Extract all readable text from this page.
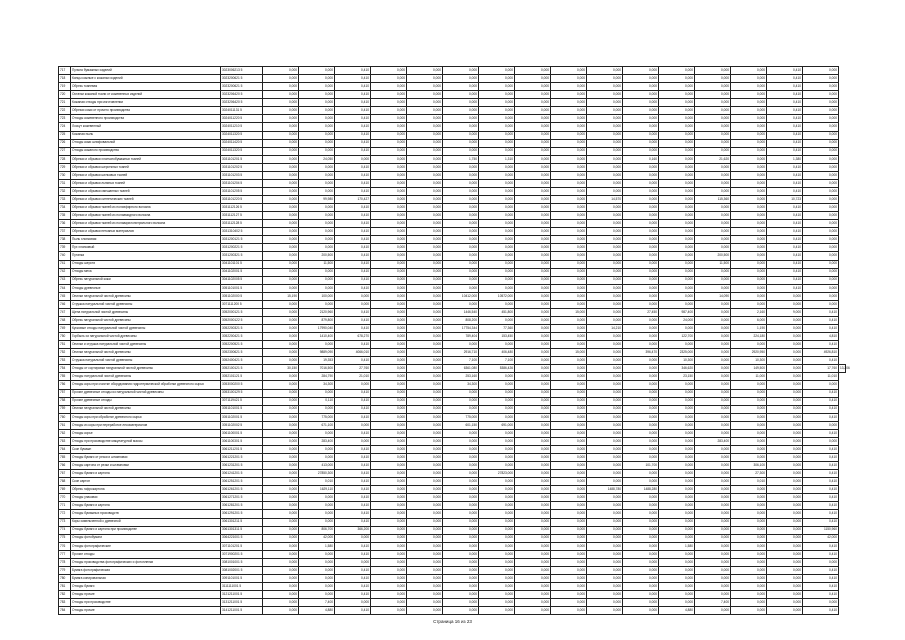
717	Пульпа бумажных изделий	3023006213 5	0,000	0,000	0,410	0,000	0,000	0,000	0,000	0,000	0,000	0,000	0,000	0,000	0,000	0,000	0,410	0,000	
718	Концы кожные с кожаных изделий	3023200621 5	0,000	0,000	0,410	0,000	0,000	0,000	0,000	0,000	0,000	0,000	0,000	0,000	0,000	0,000	0,410	0,000	
719	Обрезь тканевая	3023200621 5	0,000	0,000	0,410	0,000	0,000	0,000	0,000	0,000	0,000	0,000	0,000	0,000	0,000	0,000	0,410	0,000	
720	Остатки кожаной ткани от кожевенных изделий	3023206420 5	0,000	0,000	0,410	0,000	0,000	0,000	0,000	0,000	0,000	0,000	0,000	0,000	0,000	0,000	0,410	0,000	
721	Кожаная отходы при изготовлении	3023206420 5	0,000	0,000	0,410	0,000	0,000	0,000	0,000	0,000	0,000	0,000	0,000	0,000	0,000	0,000	0,410	0,000	
722	Обрезки кожи от прочего производства	3024011131 5	0,000	0,000	0,410	0,000	0,000	0,000	0,000	0,000	0,000	0,000	0,000	0,000	0,000	0,000	0,410	0,000	
723	Отходы кожевенного производства	3024011220 5	0,000	0,000	0,410	0,000	0,000	0,000	0,000	0,000	0,000	0,000	0,000	0,000	0,000	0,000	0,410	0,000	
724	Лоскут кожевенный	3024011210 5	0,000	0,000	0,410	0,000	0,000	0,000	0,000	0,000	0,000	0,000	0,000	0,000	0,000	0,000	0,410	0,000	
725	Кожаная пыль	3024011320 5	0,000	0,000	0,410	0,000	0,000	0,000	0,000	0,000	0,000	0,000	0,000	0,000	0,000	0,000	0,410	0,000	
726	Отходы кожи шлифовальной	3024011420 5	0,000	0,000	0,410	0,000	0,000	0,000	0,000	0,000	0,000	0,000	0,000	0,000	0,000	0,000	0,410	0,000	
727	Отходы кожаного производства	3024011320 5	0,000	0,000	0,410	0,000	0,000	0,000	0,000	0,000	0,000	0,000	0,000	0,000	0,000	0,000	0,410	0,000	
728	Обрезки и обрывки хлопчатобумажных тканей	3031101201 5	0,000	24,050	0,000	0,000	0,000	1,750	1,310	0,000	0,000	0,000	0,160	0,000	21,620	0,000	1,380	0,000	
729	Обрезки и обрывки шерстяных тканей	3031101202 5	0,000	0,000	0,410	0,000	0,000	0,000	0,000	0,000	0,000	0,000	0,000	0,000	0,000	0,000	0,410	0,000	
730	Обрезки и обрывки шелковых тканей	3031101203 5	0,000	0,000	0,410	0,000	0,000	0,000	0,000	0,000	0,000	0,000	0,000	0,000	0,000	0,000	0,410	0,000	
731	Обрезки и обрывки льняных тканей	3031101204 5	0,000	0,000	0,410	0,000	0,000	0,000	0,000	0,000	0,000	0,000	0,000	0,000	0,000	0,000	0,410	0,000	
732	Обрезки и обрывки смешанных тканей	3031101205 5	0,000	0,000	0,410	0,000	0,000	0,000	0,000	0,000	0,000	0,000	0,000	0,000	0,000	0,000	0,410	0,000	
733	Обрезки и обрывки синтетических тканей	3031101220 5	0,000	99,980	170,427	0,000	0,000	0,000	0,000	0,000	0,000	14,570	0,000	0,000	115,360	0,000	10,723	0,000	
734	Обрезки и обрывки тканей из полиэфирного волокна	3031112126 5	0,000	0,000	0,410	0,000	0,000	0,000	0,000	0,000	0,000	0,000	0,000	0,000	0,000	0,000	0,410	0,000	
735	Обрезки и обрывки тканей из полиамидного волокна	3031112127 5	0,000	0,000	0,410	0,000	0,000	0,000	0,000	0,000	0,000	0,000	0,000	0,000	0,000	0,000	0,410	0,000	
736	Обрезки и обрывки тканей из полиакрилонитрильного волокна	3031112128 5	0,000	0,000	0,410	0,000	0,000	0,000	0,000	0,000	0,000	0,000	0,000	0,000	0,000	0,000	0,410	0,000	
737	Обрезки и обрывки нетканых материалов	3031310402 5	0,000	0,000	0,410	0,000	0,000	0,000	0,000	0,000	0,000	0,000	0,000	0,000	0,000	0,000	0,410	0,000	
738	Пыль хлопковая	3031200121 5	0,000	0,000	0,410	0,000	0,000	0,000	0,000	0,000	0,000	0,000	0,000	0,000	0,000	0,000	0,410	0,000	
739	Пух хлопковый	3031200221 5	0,000	0,000	0,410	0,000	0,000	0,000	0,000	0,000	0,000	0,000	0,000	0,000	0,000	0,000	0,410	0,000	
740	Путанка	3031200321 5	0,000	200,500	0,410	0,000	0,000	0,000	0,000	0,000	0,000	0,000	0,000	0,000	200,500	0,000	0,410	0,000	
741	Отходы шерсти	3041101101 5	0,000	11,500	0,410	0,000	0,000	0,000	0,000	0,000	0,000	0,000	0,000	0,000	11,500	0,000	0,410	0,000	
742	Отходы меха	3041102001 5	0,000	0,000	0,410	0,000	0,000	0,000	0,000	0,000	0,000	0,000	0,000	0,000	0,000	0,000	0,410	0,000	
743	Обрезь натуральной кожи	3041102005 5	0,000	0,000	0,410	0,000	0,000	0,000	0,000	0,000	0,000	0,000	0,000	0,000	0,000	0,000	0,410	0,000	
744	Отходы древесные	3051101001 5	0,000	0,000	0,410	0,000	0,000	0,000	0,000	0,000	0,000	0,000	0,000	0,000	0,000	0,000	0,410	0,000	
745	Опилки натуральной чистой древесины	3051102000 5	15,190	100,000	0,000	0,000	0,000	10412,000	10572,000	0,000	0,000	0,000	0,000	0,000	14,090	0,000	0,000	0,000	
746	Стружка натуральной чистой древесины	3071111200 5	0,000	0,000	0,000	0,000	0,000	0,000	0,000	0,000	0,000	0,000	0,000	0,000	0,000	0,000	0,000	0,000	
747	Щепа натуральной чистой древесины	3052000121 5	0,000	2120,960	0,410	0,000	0,000	1446,540	451,800	0,000	15,000	0,000	27,450	987,400	0,000	2,160	9,000	0,410	
748	Обрезь натуральной чистой древесины	3052000122 5	0,000	879,800	0,410	0,000	0,000	808,200	0,000	0,000	0,000	0,000	0,000	24,000	0,000	6,000	0,000	0,410	
749	Кусковые отходы натуральной чистой древесины	3052200321 5	0,000	17990,040	0,410	0,000	0,000	17754,344	77,360	0,000	0,000	14,210	0,000	0,000	0,000	1,190	0,000	0,410	
750	Горбыль из натуральной чистой древесины	3052200421 5	0,000	1410,400	678,270	0,000	0,000	789,404	153,450	0,000	0,000	0,000	0,000	122,700	0,000	224,180	0,000	4,810	
751	Опилки и стружка натуральной чистой древесины	3052200521 5	0,000	0,000	0,410	0,000	0,000	0,000	0,000	0,000	0,000	0,000	0,000	0,000	0,000	0,000	0,000	0,410	
752	Опилки натуральной чистой древесины	3052300621 5	0,000	9889,090	4066,010	0,000	0,000	2916,710	406,480	0,000	15,000	0,000	396,470	2325,000	0,000	2920,950	0,000	4926,810	
753	Стружка натуральной чистой древесины	3052400421 5	0,000	19,353	0,410	0,000	0,000	7,100	7,100	0,000	0,000	0,000	0,000	10,300	0,000	10,300	0,000	0,410	
754	Отходы от сортировки натуральной чистой древесины	3052100121 5	30,150	7016,500	27,760	0,000	0,000	6361,080	5386,426	0,000	0,000	0,000	0,000	346,620	0,000	149,500	0,000	17,760	13,206
755	Отходы натуральной чистой древесины	3052101121 5	0,000	284,790	21,010	0,000	0,000	253,160	0,000	0,000	0,000	0,000	0,000	23,150	0,000	11,000	0,000	11,010	
756	Отходы коры при очистке оборудования гидротермической обработки древесного сырья	3053000200 5	0,000	34,300	0,000	0,000	0,000	34,300	0,000	0,000	0,000	0,000	0,000	0,000	0,000	0,000	0,000	0,000	
757	Прочие древесные отходы из натуральной чистой древесины	3053100129 5	0,000	0,000	0,410	0,000	0,000	0,000	0,000	0,000	0,000	0,000	0,000	0,000	0,000	0,000	0,000	0,410	
758	Прочие древесные отходы	3071119421 5	0,000	0,110	0,410	0,000	0,000	0,000	0,000	0,000	0,000	0,000	0,000	0,000	0,000	0,000	0,000	0,410	
759	Опилки натуральной чистой древесины	3051101001 5	0,000	0,000	0,410	0,000	0,000	0,000	0,000	0,000	0,000	0,000	0,000	0,000	0,000	0,000	0,000	0,410	
760	Отходы коры при обработке древесного сырья	3051102001 5	0,000	775,000	0,410	0,000	0,000	775,000	0,000	0,000	0,000	0,000	0,000	0,000	0,000	0,000	0,000	0,410	
761	Отходы из коры при переработке лесоматериалов	3051102002 5	0,000	671,100	0,000	0,000	0,000	601,150	691,000	0,000	0,000	0,000	0,000	0,000	0,000	0,000	0,000	0,000	
762	Отходы корье	3061100001 5	0,000	0,000	0,410	0,000	0,000	0,000	0,000	0,000	0,000	0,000	0,000	0,000	0,000	0,000	0,000	0,410	
763	Отходы при производстве макулатурной массы	3061100301 5	0,000	283,400	0,000	0,000	0,000	0,000	0,000	0,000	0,000	0,000	0,000	0,000	283,400	0,000	0,000	0,000	
764	Скоп бумажн	3061211201 5	0,000	0,000	0,410	0,000	0,000	0,000	0,000	0,000	0,000	0,000	0,000	0,000	0,000	0,000	0,000	0,410	
765	Отходы бумаги от резки и штамповки	3061221201 5	0,000	0,000	0,410	0,000	0,000	0,000	0,000	0,000	0,000	0,000	0,000	0,000	0,000	0,000	0,000	0,410	
766	Отходы картона от резки и штамповки	3061231201 5	0,000	413,000	0,410	0,000	0,000	0,000	0,000	0,000	0,000	0,000	101,700	0,000	0,000	306,100	0,000	0,410	
767	Отходы бумаги и картона	3061241201 5	0,000	27850,300	0,410	0,000	0,000	0,000	27823,000	0,000	0,000	0,000	0,000	0,000	0,000	27,300	0,000	0,410	
768	Скоп картон	3061251201 5	0,000	0,010	0,410	0,000	0,000	0,000	0,000	0,000	0,000	0,000	0,000	0,000	0,000	0,010	0,000	0,410	
769	Обрезь гофрокартона	3061261201 5	0,000	1629,110	0,410	0,000	0,000	0,000	0,000	0,000	0,000	1488,780	1488,280	0,000	0,000	0,000	0,000	0,410	
770	Отходы упаковки	3061271201 5	0,000	0,000	0,410	0,000	0,000	0,000	0,000	0,000	0,000	0,000	0,000	0,000	0,000	0,000	0,000	0,410	
771	Отходы бумаги и картона	3061281201 5	0,000	0,000	0,410	0,000	0,000	0,000	0,000	0,000	0,000	0,000	0,000	0,000	0,000	0,000	0,000	0,410	
772	Отходы бумажных производств	3061291201 5	0,000	0,000	0,410	0,000	0,000	0,000	0,000	0,000	0,000	0,000	0,000	0,000	0,000	0,000	0,000	0,410	
773	Коры измельченной с древесной	3061301211 5	0,000	0,000	0,410	0,000	0,000	0,000	0,000	0,000	0,000	0,000	0,000	0,000	0,000	0,000	0,000	0,410	
774	Отходы бумаги и картона при производстве	3061301311 5	0,000	806,700	366,200	0,000	0,000	0,000	0,000	0,000	0,000	0,000	0,000	0,000	0,000	0,000	0,000	1150,960	
775	Отходы фотобумаги	3064221001 5	0,000	42,000	0,000	0,000	0,000	0,000	0,000	0,000	0,000	0,000	0,000	0,000	0,000	0,000	0,000	42,000	
776	Отходы фотографические	3071101201 5	0,000	1,580	0,410	0,000	0,000	0,000	0,000	0,000	0,000	0,000	0,000	1,580	0,000	0,000	0,000	0,410	
777	Прочие отходы	3071900201 5	0,000	0,000	0,410	0,000	0,000	0,000	0,000	0,000	0,000	0,000	0,000	0,000	0,000	0,000	0,000	0,410	
778	Отходы производства фотографических и фотопленки	3081001001 5	0,000	0,000	0,000	0,000	0,000	0,000	0,000	0,000	0,000	0,000	0,000	0,000	0,000	0,000	0,000	0,000	
779	Бумага фотографическая	3081002001 5	0,000	0,000	0,410	0,000	0,000	0,000	0,000	0,000	0,000	0,000	0,000	0,000	0,000	0,000	0,000	0,410	
780	Бумага копировальная	3091101001 5	0,000	0,000	0,410	0,000	0,000	0,000	0,000	0,000	0,000	0,000	0,000	0,000	0,000	0,000	0,000	0,410	
781	Отходы бумаги	3111111001 5	0,000	0,000	0,410	0,000	0,000	0,000	0,000	0,000	0,000	0,000	0,000	0,000	0,000	0,000	0,000	0,410	
782	Отходы прочие	3121211001 5	0,000	0,000	0,410	0,000	0,000	0,000	0,000	0,000	0,000	0,000	0,000	0,000	0,000	0,000	0,000	0,410	
783	Отходы при производстве	3131211001 5	0,000	7,400	0,000	0,000	0,000	0,000	0,000	0,000	0,000	0,000	0,000	0,000	7,400	0,000	0,000	0,000	
784	Отходы прочие	3141211001 5	0,000	4,880	0,410	0,000	0,000	0,000	0,000	0,000	0,000	0,000	0,000	4,880	0,000	0,000	0,000	0,410	
Страница 16 из 23
